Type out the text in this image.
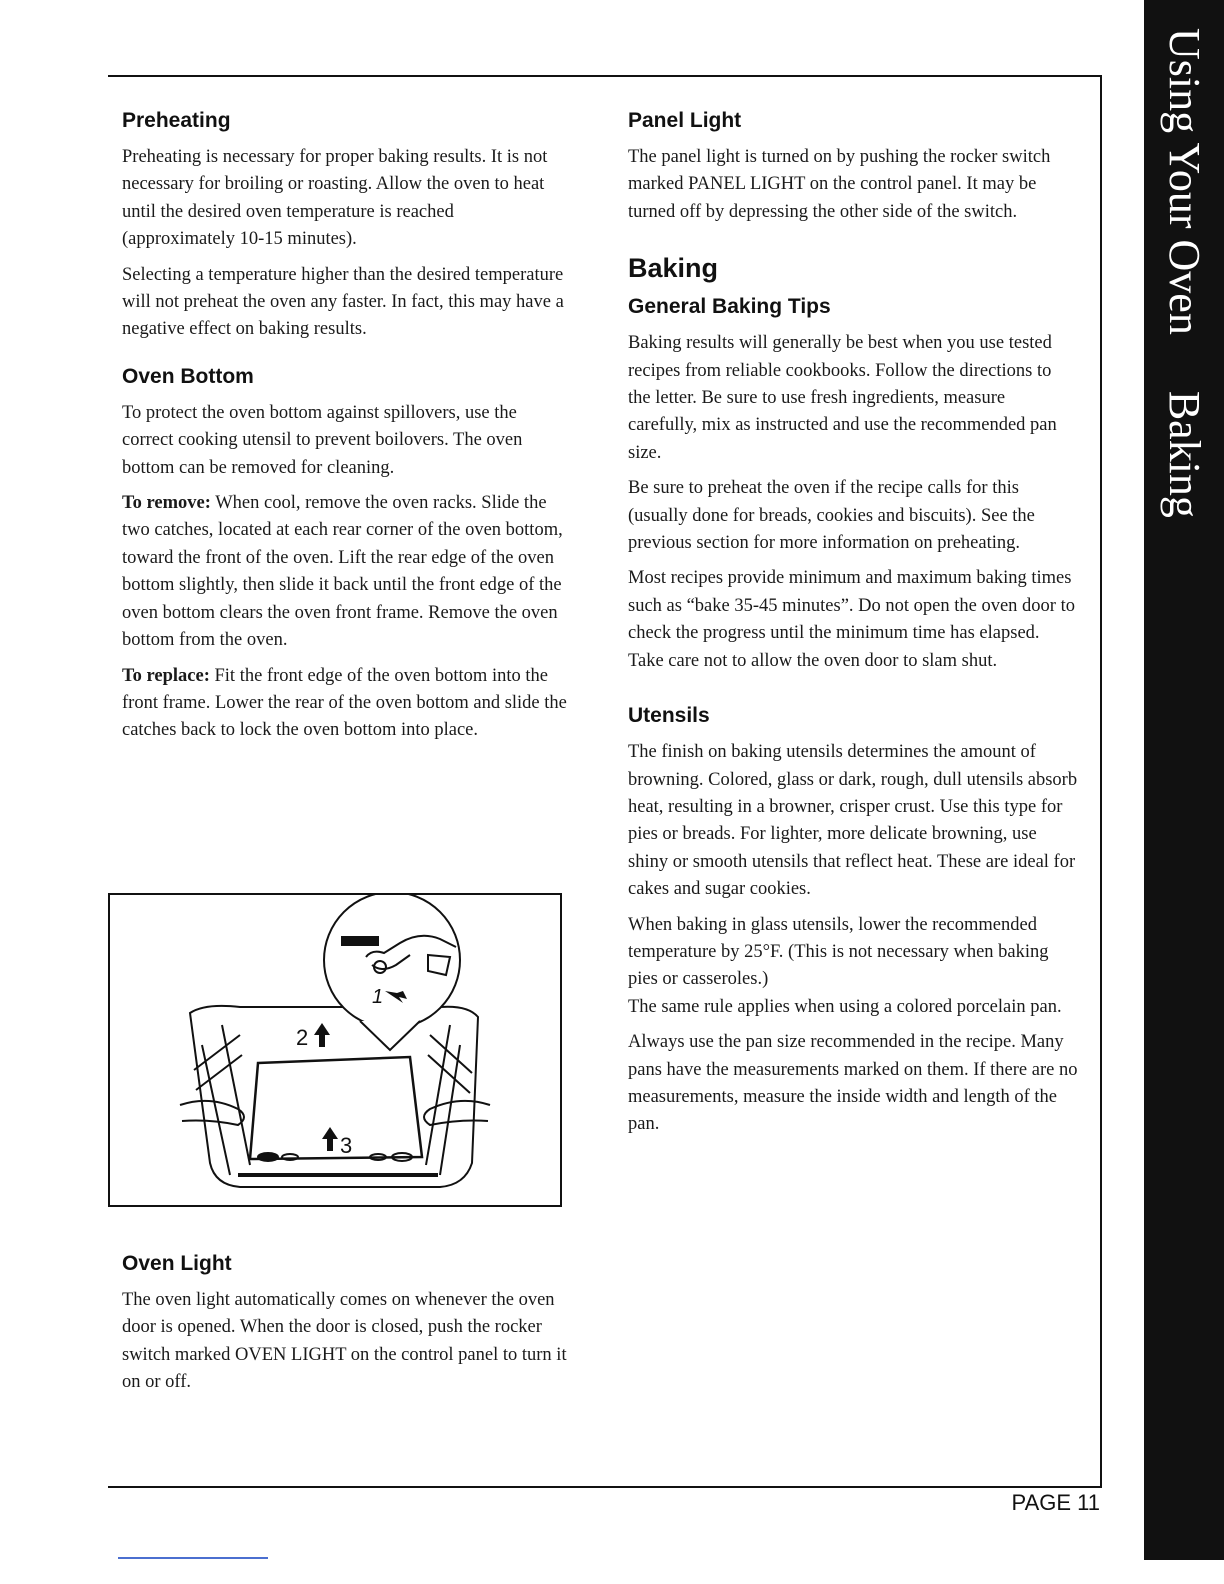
Using Your OvenBaking
Preheating

Preheating is necessary for proper baking results. It is not necessary for broiling or roasting. Allow the oven to heat until the desired oven temperature is reached (approximately 10-15 minutes).

Selecting a temperature higher than the desired temperature will not preheat the oven any faster. In fact, this may have a negative effect on baking results.

Oven Bottom

To protect the oven bottom against spillovers, use the correct cooking utensil to prevent boilovers. The oven bottom can be removed for cleaning.

To remove: When cool, remove the oven racks. Slide the two catches, located at each rear corner of the oven bottom, toward the front of the oven. Lift the rear edge of the oven bottom slightly, then slide it back until the front edge of the oven bottom clears the oven front frame. Remove the oven bottom from the oven.

To replace: Fit the front edge of the oven bottom into the front frame. Lower the rear of the oven bottom and slide the catches back to lock the oven bottom into place.

1
2
3
Oven Light

The oven light automatically comes on whenever the oven door is opened. When the door is closed, push the rocker switch marked OVEN LIGHT on the control panel to turn it on or off.

Panel Light

The panel light is turned on by pushing the rocker switch marked PANEL LIGHT on the control panel. It may be turned off by depressing the other side of the switch.

Baking
General Baking Tips

Baking results will generally be best when you use tested recipes from reliable cookbooks. Follow the directions to the letter. Be sure to use fresh ingredients, measure carefully, mix as instructed and use the recommended pan size.

Be sure to preheat the oven if the recipe calls for this (usually done for breads, cookies and biscuits). See the previous section for more information on preheating.

Most recipes provide minimum and maximum baking times such as “bake 35-45 minutes”. Do not open the oven door to check the progress until the minimum time has elapsed. Take care not to allow the oven door to slam shut.

Utensils

The finish on baking utensils determines the amount of browning. Colored, glass or dark, rough, dull utensils absorb heat, resulting in a browner, crisper crust. Use this type for pies or breads. For lighter, more delicate browning, use shiny or smooth utensils that reflect heat. These are ideal for cakes and sugar cookies.

When baking in glass utensils, lower the recommended temperature by 25°F. (This is not necessary when baking pies or casseroles.)
The same rule applies when using a colored porcelain pan.

Always use the pan size recommended in the recipe. Many pans have the measurements marked on them. If there are no measurements, measure the inside width and length of the pan.

PAGE 11
